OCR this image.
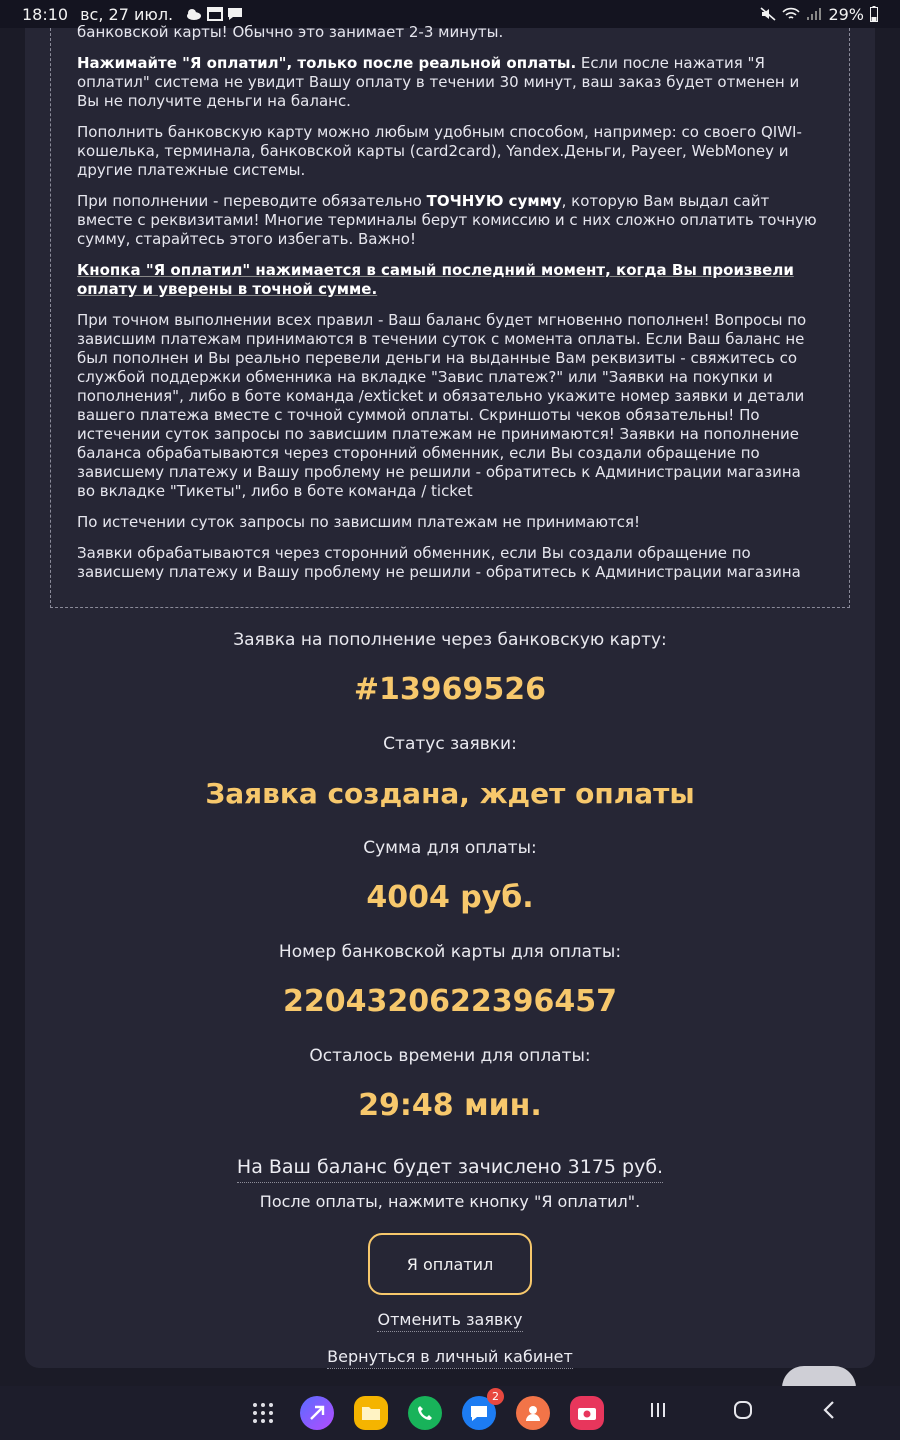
18:10 вс, 27 июл.	29%

банковской карты! Обычно это занимает 2-3 минуты.

Нажимайте "Я оплатил", только после реальной оплаты. Если после нажатия "Я оплатил" система не увидит Вашу оплату в течении 30 минут, ваш заказ будет отменен и Вы не получите деньги на баланс.

Пополнить банковскую карту можно любым удобным способом, например: со своего QIWI-кошелька, терминала, банковской карты (card2card), Yandex.Деньги, Payeer, WebMoney и другие платежные системы.

При пополнении - переводите обязательно ТОЧНУЮ сумму, которую Вам выдал сайт вместе с реквизитами! Многие терминалы берут комиссию и с них сложно оплатить точную сумму, старайтесь этого избегать. Важно!

Кнопка "Я оплатил" нажимается в самый последний момент, когда Вы произвели оплату и уверены в точной сумме.

При точном выполнении всех правил - Ваш баланс будет мгновенно пополнен! Вопросы по зависшим платежам принимаются в течении суток с момента оплаты. Если Ваш баланс не был пополнен и Вы реально перевели деньги на выданные Вам реквизиты - свяжитесь со службой поддержки обменника на вкладке "Завис платеж?" или "Заявки на покупки и пополнения", либо в боте команда /exticket и обязательно укажите номер заявки и детали вашего платежа вместе с точной суммой оплаты. Скриншоты чеков обязательны! По истечении суток запросы по зависшим платежам не принимаются! Заявки на пополнение баланса обрабатываются через сторонний обменник, если Вы создали обращение по зависшему платежу и Вашу проблему не решили - обратитесь к Администрации магазина во вкладке "Тикеты", либо в боте команда / ticket

По истечении суток запросы по зависшим платежам не принимаются!

Заявки обрабатываются через сторонний обменник, если Вы создали обращение по зависшему платежу и Вашу проблему не решили - обратитесь к Администрации магазина

Заявка на пополнение через банковскую карту:
#13969526
Статус заявки:
Заявка создана, ждет оплаты
Сумма для оплаты:
4004 руб.
Номер банковской карты для оплаты:
2204320622396457
Осталось времени для оплаты:
29:48 мин.
На Ваш баланс будет зачислено 3175 руб.
После оплаты, нажмите кнопку "Я оплатил".
Я оплатил
Отменить заявку
Вернуться в личный кабинет
2
